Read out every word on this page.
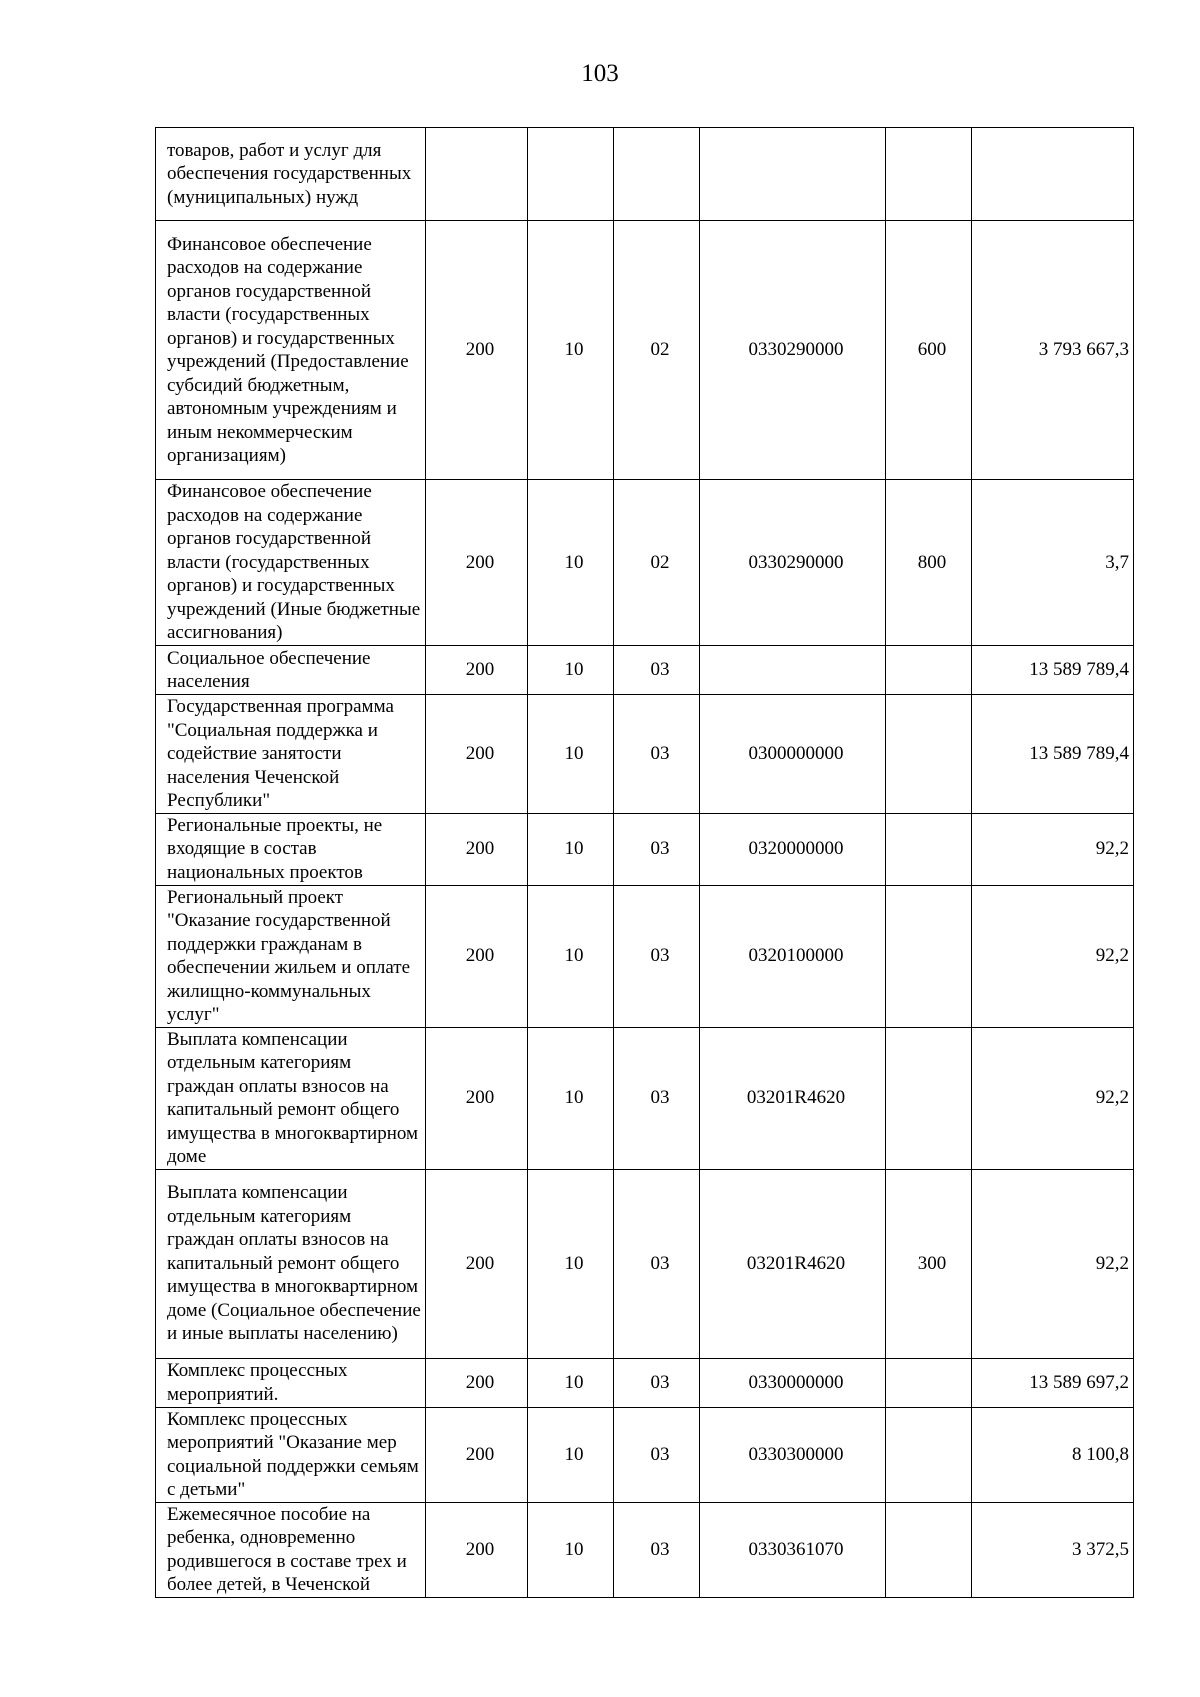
103
товаров, работ и услуг для обеспечения государственных (муниципальных) нужд						
Финансовое обеспечение расходов на содержание органов государственной власти (государственных органов) и государственных учреждений (Предоставление субсидий бюджетным, автономным учреждениям и иным некоммерческим организациям)	200	10	02	0330290000	600	3 793 667,3
Финансовое обеспечение расходов на содержание органов государственной власти (государственных органов) и государственных учреждений (Иные бюджетные ассигнования)	200	10	02	0330290000	800	3,7
Социальное обеспечение населения	200	10	03			13 589 789,4
Государственная программа "Социальная поддержка и содействие занятости населения Чеченской Республики"	200	10	03	0300000000		13 589 789,4
Региональные проекты, не входящие в состав национальных проектов	200	10	03	0320000000		92,2
Региональный проект "Оказание государственной поддержки гражданам в обеспечении жильем и оплате жилищно-коммунальных услуг"	200	10	03	0320100000		92,2
Выплата компенсации отдельным категориям граждан оплаты взносов на капитальный ремонт общего имущества в многоквартирном доме	200	10	03	03201R4620		92,2
Выплата компенсации отдельным категориям граждан оплаты взносов на капитальный ремонт общего имущества в многоквартирном доме (Социальное обеспечение и иные выплаты населению)	200	10	03	03201R4620	300	92,2
Комплекс процессных мероприятий.	200	10	03	0330000000		13 589 697,2
Комплекс процессных мероприятий "Оказание мер социальной поддержки семьям с детьми"	200	10	03	0330300000		8 100,8
Ежемесячное пособие на ребенка, одновременно родившегося в составе трех и более детей, в Чеченской	200	10	03	0330361070		3 372,5
